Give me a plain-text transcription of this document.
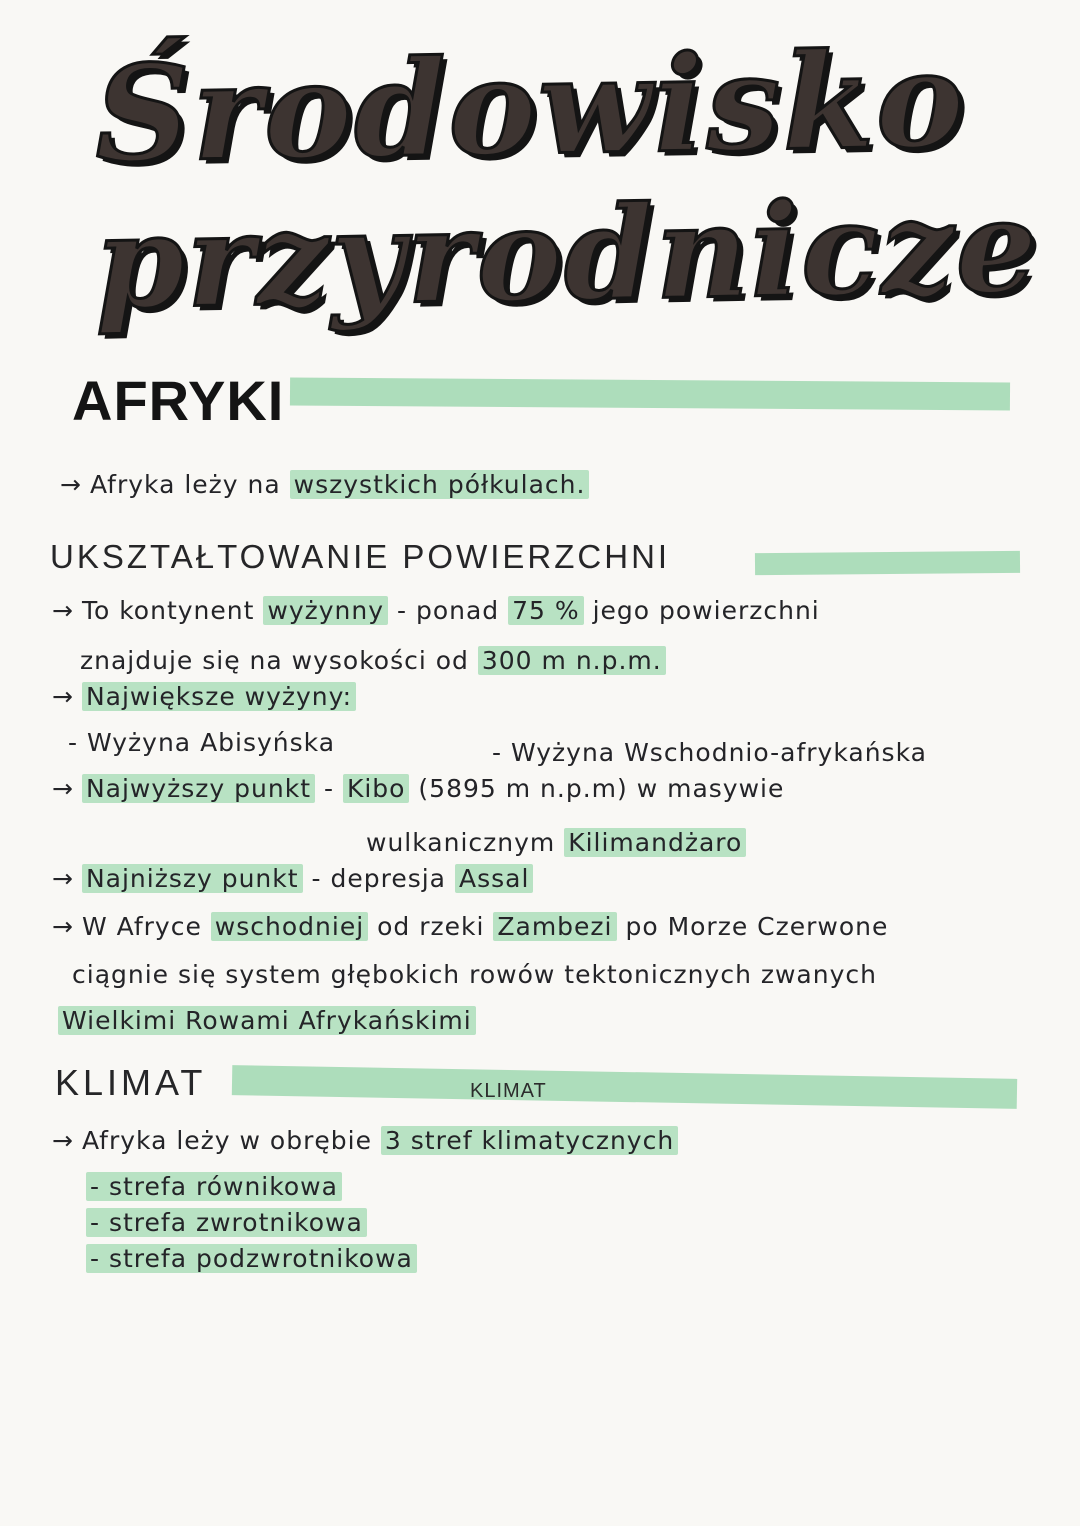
Środowisko
przyrodnicze
AFRYKI
→ Afryka leży na wszystkich półkulach.
UKSZTAŁTOWANIE POWIERZCHNI
→ To kontynent wyżynny - ponad 75 % jego powierzchni
znajduje się na wysokości od 300 m n.p.m.
→ Największe wyżyny:
- Wyżyna Abisyńska	- Wyżyna Wschodnio-afrykańska
→ Najwyższy punkt - Kibo (5895 m n.p.m) w masywie
wulkanicznym Kilimandżaro
→ Najniższy punkt - depresja Assal
→ W Afryce wschodniej od rzeki Zambezi po Morze Czerwone
ciągnie się system głębokich rowów tektonicznych zwanych
Wielkimi Rowami Afrykańskimi
KLIMAT
KLIMAT
→ Afryka leży w obrębie 3 stref klimatycznych
- strefa równikowa
- strefa zwrotnikowa
- strefa podzwrotnikowa
